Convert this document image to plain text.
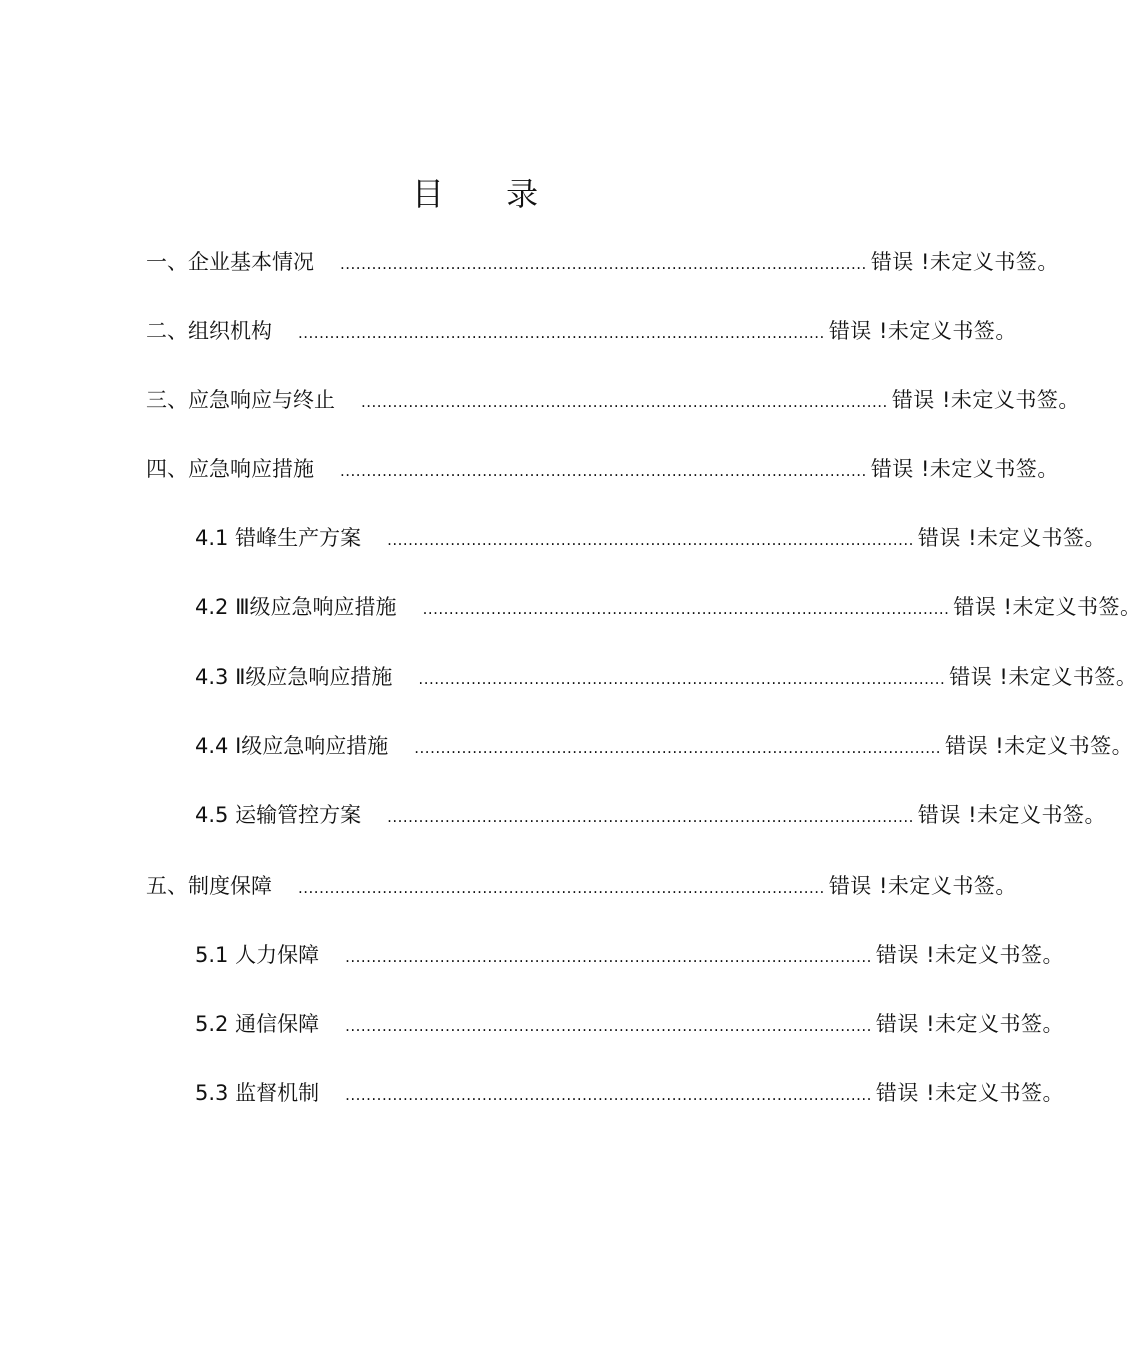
目 录
一、企业基本情况	.................................................................................................... 错误 !未定义书签。
二、组织机构	.................................................................................................... 错误 !未定义书签。
三、应急响应与终止	.................................................................................................... 错误 !未定义书签。
四、应急响应措施	.................................................................................................... 错误 !未定义书签。
4.1 错峰生产方案	.................................................................................................... 错误 !未定义书签。
4.2 Ⅲ级应急响应措施	.................................................................................................... 错误 !未定义书签。
4.3 Ⅱ级应急响应措施	.................................................................................................... 错误 !未定义书签。
4.4 Ⅰ级应急响应措施	.................................................................................................... 错误 !未定义书签。
4.5 运输管控方案	.................................................................................................... 错误 !未定义书签。
五、制度保障	.................................................................................................... 错误 !未定义书签。
5.1 人力保障	.................................................................................................... 错误 !未定义书签。
5.2 通信保障	.................................................................................................... 错误 !未定义书签。
5.3 监督机制	.................................................................................................... 错误 !未定义书签。
